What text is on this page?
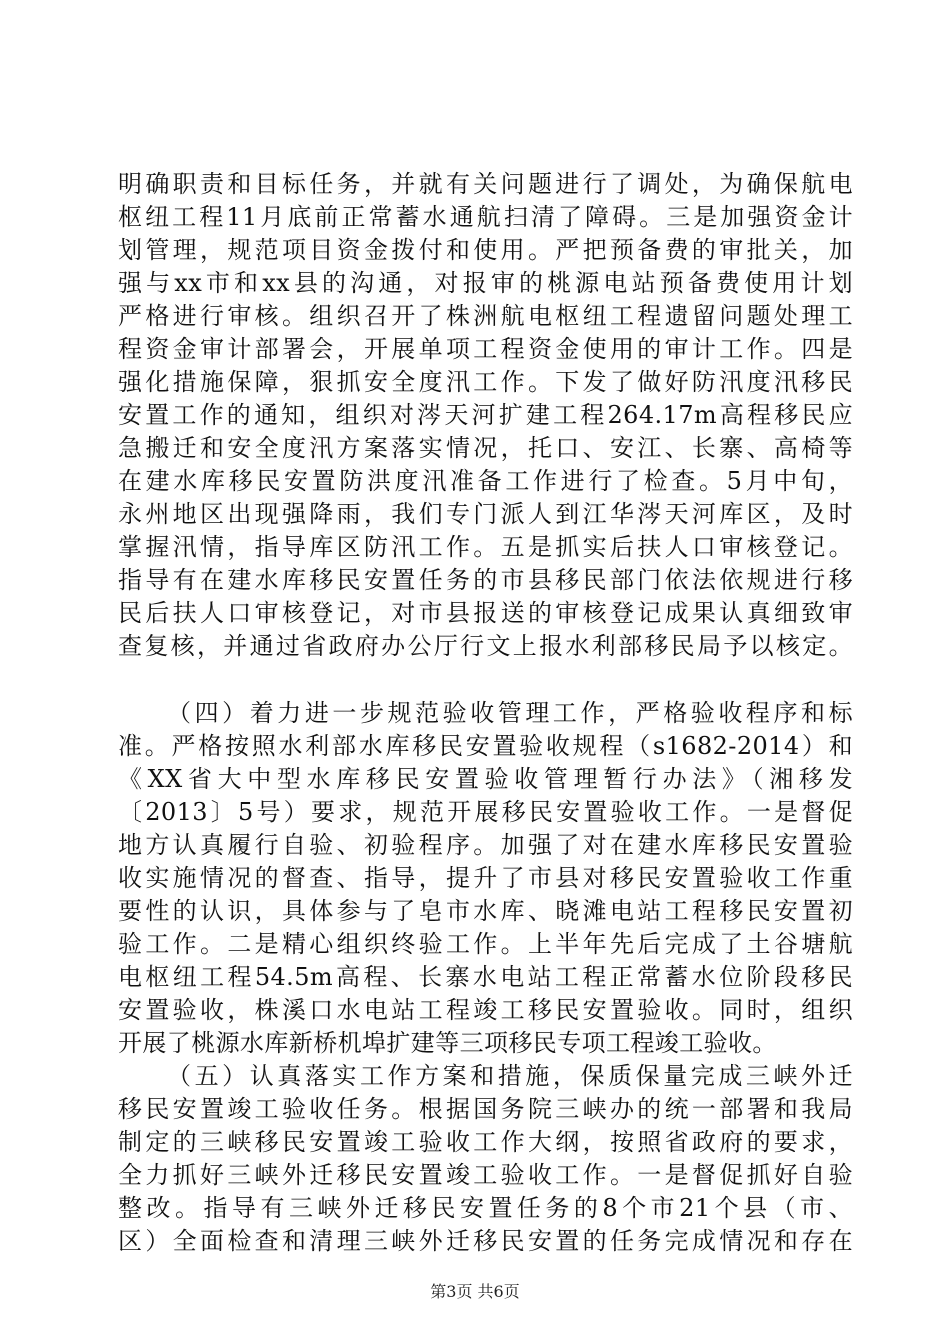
明确职责和目标任务，并就有关问题进行了调处，为确保航电
枢纽工程11月底前正常蓄水通航扫清了障碍。三是加强资金计
划管理，规范项目资金拨付和使用。严把预备费的审批关，加
强与xx市和xx县的沟通，对报审的桃源电站预备费使用计划
严格进行审核。组织召开了株洲航电枢纽工程遗留问题处理工
程资金审计部署会，开展单项工程资金使用的审计工作。四是
强化措施保障，狠抓安全度汛工作。下发了做好防汛度汛移民
安置工作的通知，组织对涔天河扩建工程264.17m高程移民应
急搬迁和安全度汛方案落实情况，托口、安江、长寨、高椅等
在建水库移民安置防洪度汛准备工作进行了检查。5月中旬，
永州地区出现强降雨，我们专门派人到江华涔天河库区，及时
掌握汛情，指导库区防汛工作。五是抓实后扶人口审核登记。
指导有在建水库移民安置任务的市县移民部门依法依规进行移
民后扶人口审核登记，对市县报送的审核登记成果认真细致审
查复核，并通过省政府办公厅行文上报水利部移民局予以核定。
（四）着力进一步规范验收管理工作，严格验收程序和标
准。严格按照水利部水库移民安置验收规程（s1682-2014）和
《XX省大中型水库移民安置验收管理暂行办法》（湘移发
〔2013〕5号）要求，规范开展移民安置验收工作。一是督促
地方认真履行自验、初验程序。加强了对在建水库移民安置验
收实施情况的督查、指导，提升了市县对移民安置验收工作重
要性的认识，具体参与了皂市水库、晓滩电站工程移民安置初
验工作。二是精心组织终验工作。上半年先后完成了土谷塘航
电枢纽工程54.5m高程、长寨水电站工程正常蓄水位阶段移民
安置验收，株溪口水电站工程竣工移民安置验收。同时，组织
开展了桃源水库新桥机埠扩建等三项移民专项工程竣工验收。
（五）认真落实工作方案和措施，保质保量完成三峡外迁
移民安置竣工验收任务。根据国务院三峡办的统一部署和我局
制定的三峡移民安置竣工验收工作大纲，按照省政府的要求，
全力抓好三峡外迁移民安置竣工验收工作。一是督促抓好自验
整改。指导有三峡外迁移民安置任务的8个市21个县（市、
区）全面检查和清理三峡外迁移民安置的任务完成情况和存在
第3页 共6页
